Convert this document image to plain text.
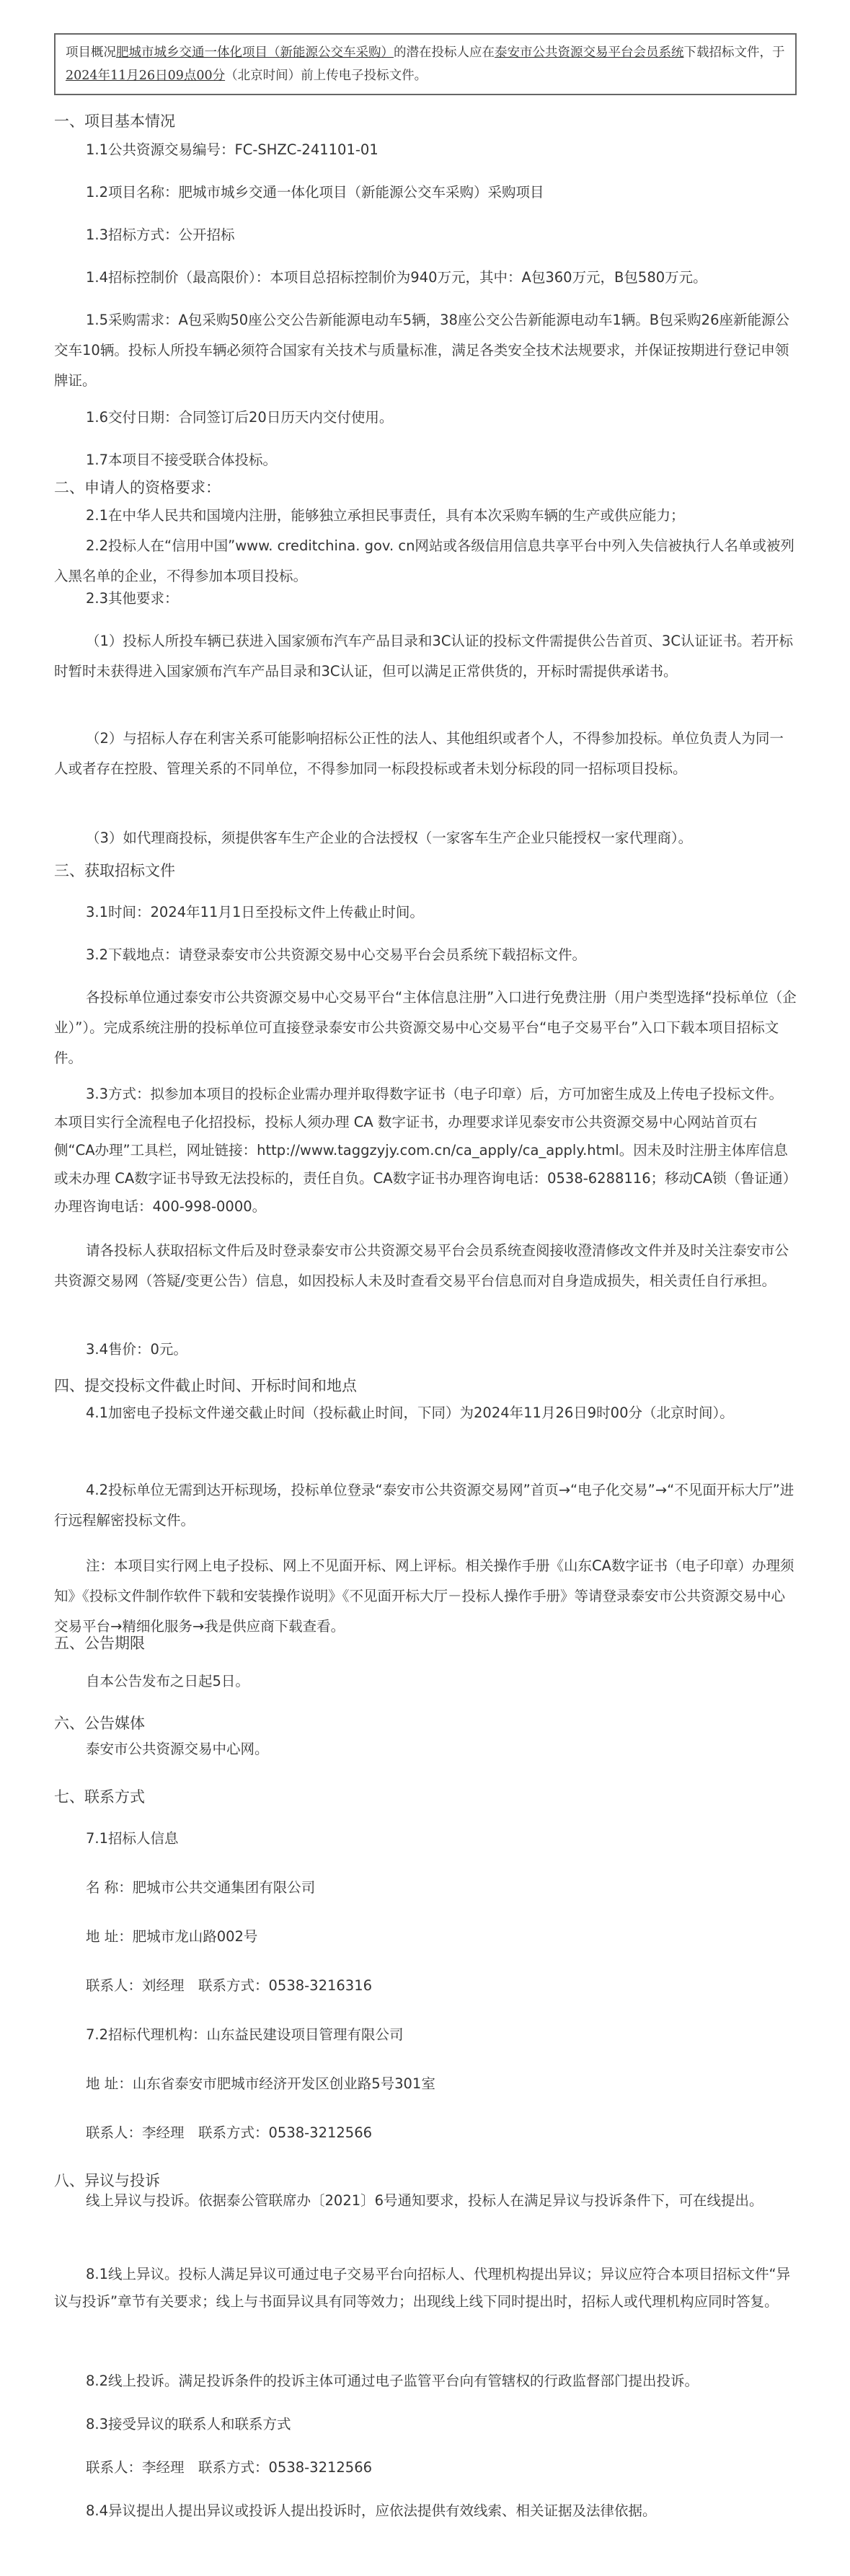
项目概况肥城市城乡交通一体化项目（新能源公交车采购）的潜在投标人应在泰安市公共资源交易平台会员系统下载招标文件，于2024年11月26日09点00分（北京时间）前上传电子投标文件。
一、项目基本情况
1.1公共资源交易编号：FC-SHZC-241101-01
1.2项目名称：肥城市城乡交通一体化项目（新能源公交车采购）采购项目
1.3招标方式：公开招标
1.4招标控制价（最高限价）：本项目总招标控制价为940万元，其中：A包360万元，B包580万元。
1.5采购需求：A包采购50座公交公告新能源电动车5辆，38座公交公告新能源电动车1辆。B包采购26座新能源公交车10辆。投标人所投车辆必须符合国家有关技术与质量标准，满足各类安全技术法规要求，并保证按期进行登记申领牌证。
1.6交付日期：合同签订后20日历天内交付使用。
1.7本项目不接受联合体投标。
二、申请人的资格要求：
2.1在中华人民共和国境内注册，能够独立承担民事责任，具有本次采购车辆的生产或供应能力；
2.2投标人在“信用中国”www. creditchina. gov. cn网站或各级信用信息共享平台中列入失信被执行人名单或被列入黑名单的企业，不得参加本项目投标。
2.3其他要求：
（1）投标人所投车辆已获进入国家颁布汽车产品目录和3C认证的投标文件需提供公告首页、3C认证证书。若开标时暂时未获得进入国家颁布汽车产品目录和3C认证，但可以满足正常供货的，开标时需提供承诺书。
（2）与招标人存在利害关系可能影响招标公正性的法人、其他组织或者个人，不得参加投标。单位负责人为同一人或者存在控股、管理关系的不同单位，不得参加同一标段投标或者未划分标段的同一招标项目投标。
（3）如代理商投标，须提供客车生产企业的合法授权（一家客车生产企业只能授权一家代理商）。
三、获取招标文件
3.1时间：2024年11月1日至投标文件上传截止时间。
3.2下载地点：请登录泰安市公共资源交易中心交易平台会员系统下载招标文件。
各投标单位通过泰安市公共资源交易中心交易平台“主体信息注册”入口进行免费注册（用户类型选择“投标单位（企业）”）。完成系统注册的投标单位可直接登录泰安市公共资源交易中心交易平台“电子交易平台”入口下载本项目招标文件。
3.3方式：拟参加本项目的投标企业需办理并取得数字证书（电子印章）后，方可加密生成及上传电子投标文件。本项目实行全流程电子化招投标，投标人须办理 CA 数字证书，办理要求详见泰安市公共资源交易中心网站首页右侧“CA办理”工具栏，网址链接：http://www.taggzyjy.com.cn/ca_apply/ca_apply.html。因未及时注册主体库信息或未办理 CA数字证书导致无法投标的，责任自负。CA数字证书办理咨询电话：0538-6288116；移动CA锁（鲁证通）办理咨询电话：400-998-0000。
请各投标人获取招标文件后及时登录泰安市公共资源交易平台会员系统查阅接收澄清修改文件并及时关注泰安市公共资源交易网（答疑/变更公告）信息，如因投标人未及时查看交易平台信息而对自身造成损失，相关责任自行承担。
3.4售价：0元。
四、提交投标文件截止时间、开标时间和地点
4.1加密电子投标文件递交截止时间（投标截止时间，下同）为2024年11月26日9时00分（北京时间）。
4.2投标单位无需到达开标现场，投标单位登录“泰安市公共资源交易网”首页→“电子化交易”→“不见面开标大厅”进行远程解密投标文件。
注：本项目实行网上电子投标、网上不见面开标、网上评标。相关操作手册《山东CA数字证书（电子印章）办理须知》《投标文件制作软件下载和安装操作说明》《不见面开标大厅－投标人操作手册》等请登录泰安市公共资源交易中心交易平台→精细化服务→我是供应商下载查看。
五、公告期限
自本公告发布之日起5日。
六、公告媒体
泰安市公共资源交易中心网。
七、联系方式
7.1招标人信息
名 称：肥城市公共交通集团有限公司
地 址：肥城市龙山路002号
联系人：刘经理　联系方式：0538-3216316
7.2招标代理机构：山东益民建设项目管理有限公司
地 址：山东省泰安市肥城市经济开发区创业路5号301室
联系人：李经理　联系方式：0538-3212566
八、异议与投诉
线上异议与投诉。依据泰公管联席办〔2021〕6号通知要求，投标人在满足异议与投诉条件下，可在线提出。
8.1线上异议。投标人满足异议可通过电子交易平台向招标人、代理机构提出异议；异议应符合本项目招标文件“异议与投诉”章节有关要求；线上与书面异议具有同等效力；出现线上线下同时提出时，招标人或代理机构应同时答复。
8.2线上投诉。满足投诉条件的投诉主体可通过电子监管平台向有管辖权的行政监督部门提出投诉。
8.3接受异议的联系人和联系方式
联系人：李经理　联系方式：0538-3212566
8.4异议提出人提出异议或投诉人提出投诉时，应依法提供有效线索、相关证据及法律依据。
